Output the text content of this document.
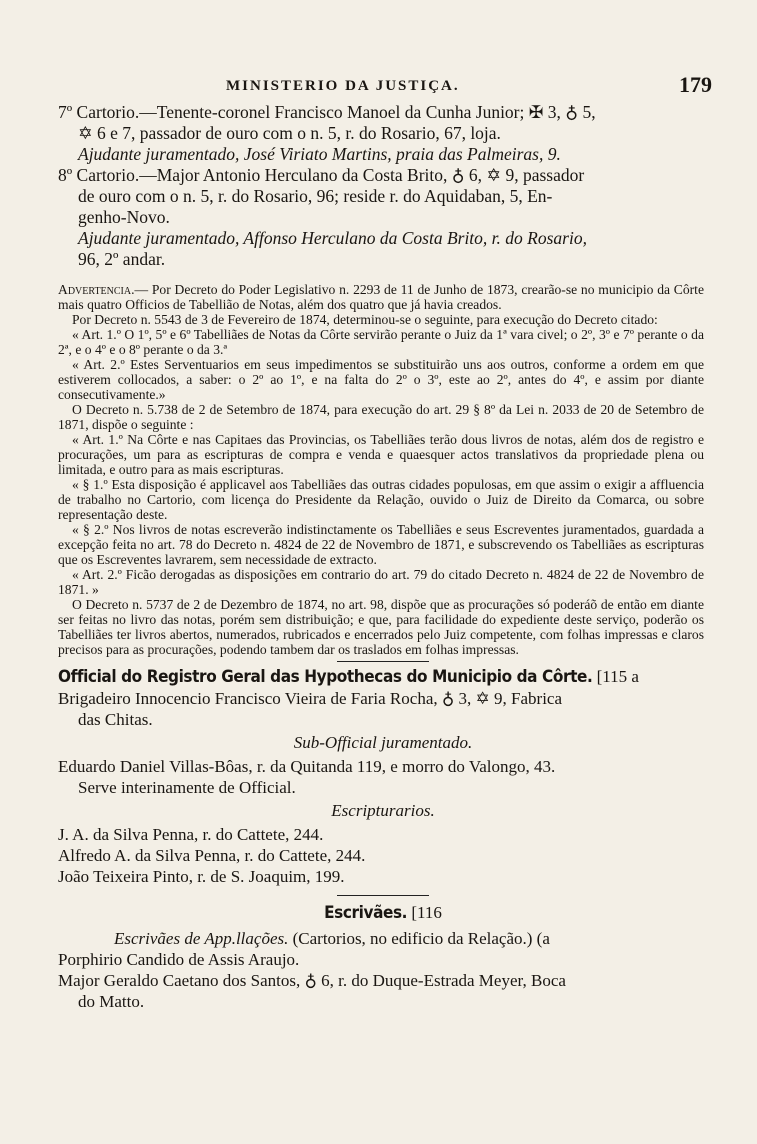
MINISTERIO DA JUSTIÇA.	179

7º Cartorio.—Tenente-coronel Francisco Manoel da Cunha Junior; ✠ 3, ♁ 5,
✡ 6 e 7, passador de ouro com o n. 5, r. do Rosario, 67, loja.

Ajudante juramentado, José Viriato Martins, praia das Palmeiras, 9.

8º Cartorio.—Major Antonio Herculano da Costa Brito, ♁ 6, ✡ 9, passador
de ouro com o n. 5, r. do Rosario, 96; reside r. do Aquidaban, 5, En-
genho-Novo.

Ajudante juramentado, Affonso Herculano da Costa Brito, r. do Rosario,
96, 2º andar.

Advertencia.— Por Decreto do Poder Legislativo n. 2293 de 11 de Junho de 1873, crearão-se no municipio da Côrte mais quatro Officios de Tabellião de Notas, além dos quatro que já havia creados.

Por Decreto n. 5543 de 3 de Fevereiro de 1874, determinou-se o seguinte, para execução do Decreto citado:

« Art. 1.º O 1º, 5º e 6º Tabelliães de Notas da Côrte servirão perante o Juiz da 1ª vara civel; o 2º, 3º e 7º perante o da 2ª, e o 4º e o 8º perante o da 3.ª

« Art. 2.º Estes Serventuarios em seus impedimentos se substituirão uns aos outros, conforme a ordem em que estiverem collocados, a saber: o 2º ao 1º, e na falta do 2º o 3º, este ao 2º, antes do 4º, e assim por diante consecutivamente.»

O Decreto n. 5.738 de 2 de Setembro de 1874, para execução do art. 29 § 8º da Lei n. 2033 de 20 de Setembro de 1871, dispõe o seguinte :

« Art. 1.º Na Côrte e nas Capitaes das Provincias, os Tabelliães terão dous livros de notas, além dos de registro e procurações, um para as escripturas de compra e venda e quaesquer actos translativos da propriedade plena ou limitada, e outro para as mais escripturas.

« § 1.º Esta disposição é applicavel aos Tabelliães das outras cidades populosas, em que assim o exigir a affluencia de trabalho no Cartorio, com licença do Presidente da Relação, ouvido o Juiz de Direito da Comarca, ou sobre representação deste.

« § 2.º Nos livros de notas escreverão indistinctamente os Tabelliães e seus Escreventes juramentados, guardada a excepção feita no art. 78 do Decreto n. 4824 de 22 de Novembro de 1871, e subscrevendo os Tabelliães as escripturas que os Escreventes lavrarem, sem necessidade de extracto.

« Art. 2.º Ficão derogadas as disposições em contrario do art. 79 do citado Decreto n. 4824 de 22 de Novembro de 1871. »

O Decreto n. 5737 de 2 de Dezembro de 1874, no art. 98, dispõe que as procurações só poderáõ de então em diante ser feitas no livro das notas, porém sem distribuição; e que, para facilidade do expediente deste serviço, poderão os Tabelliães ter livros abertos, numerados, rubricados e encerrados pelo Juiz competente, com folhas impressas e claros precisos para as procurações, podendo tambem dar os traslados em folhas impressas.

Official do Registro Geral das Hypothecas do Municipio da Côrte. [115 a

Brigadeiro Innocencio Francisco Vieira de Faria Rocha, ♁ 3, ✡ 9, Fabrica
das Chitas.

Sub-Official juramentado.

Eduardo Daniel Villas-Bôas, r. da Quitanda 119, e morro do Valongo, 43.
Serve interinamente de Official.

Escripturarios.

J. A. da Silva Penna, r. do Cattete, 244.

Alfredo A. da Silva Penna, r. do Cattete, 244.

João Teixeira Pinto, r. de S. Joaquim, 199.

Escrivães. [116

Escrivães de App.llações. (Cartorios, no edificio da Relação.) (a

Porphirio Candido de Assis Araujo.

Major Geraldo Caetano dos Santos, ♁ 6, r. do Duque-Estrada Meyer, Boca
do Matto.
